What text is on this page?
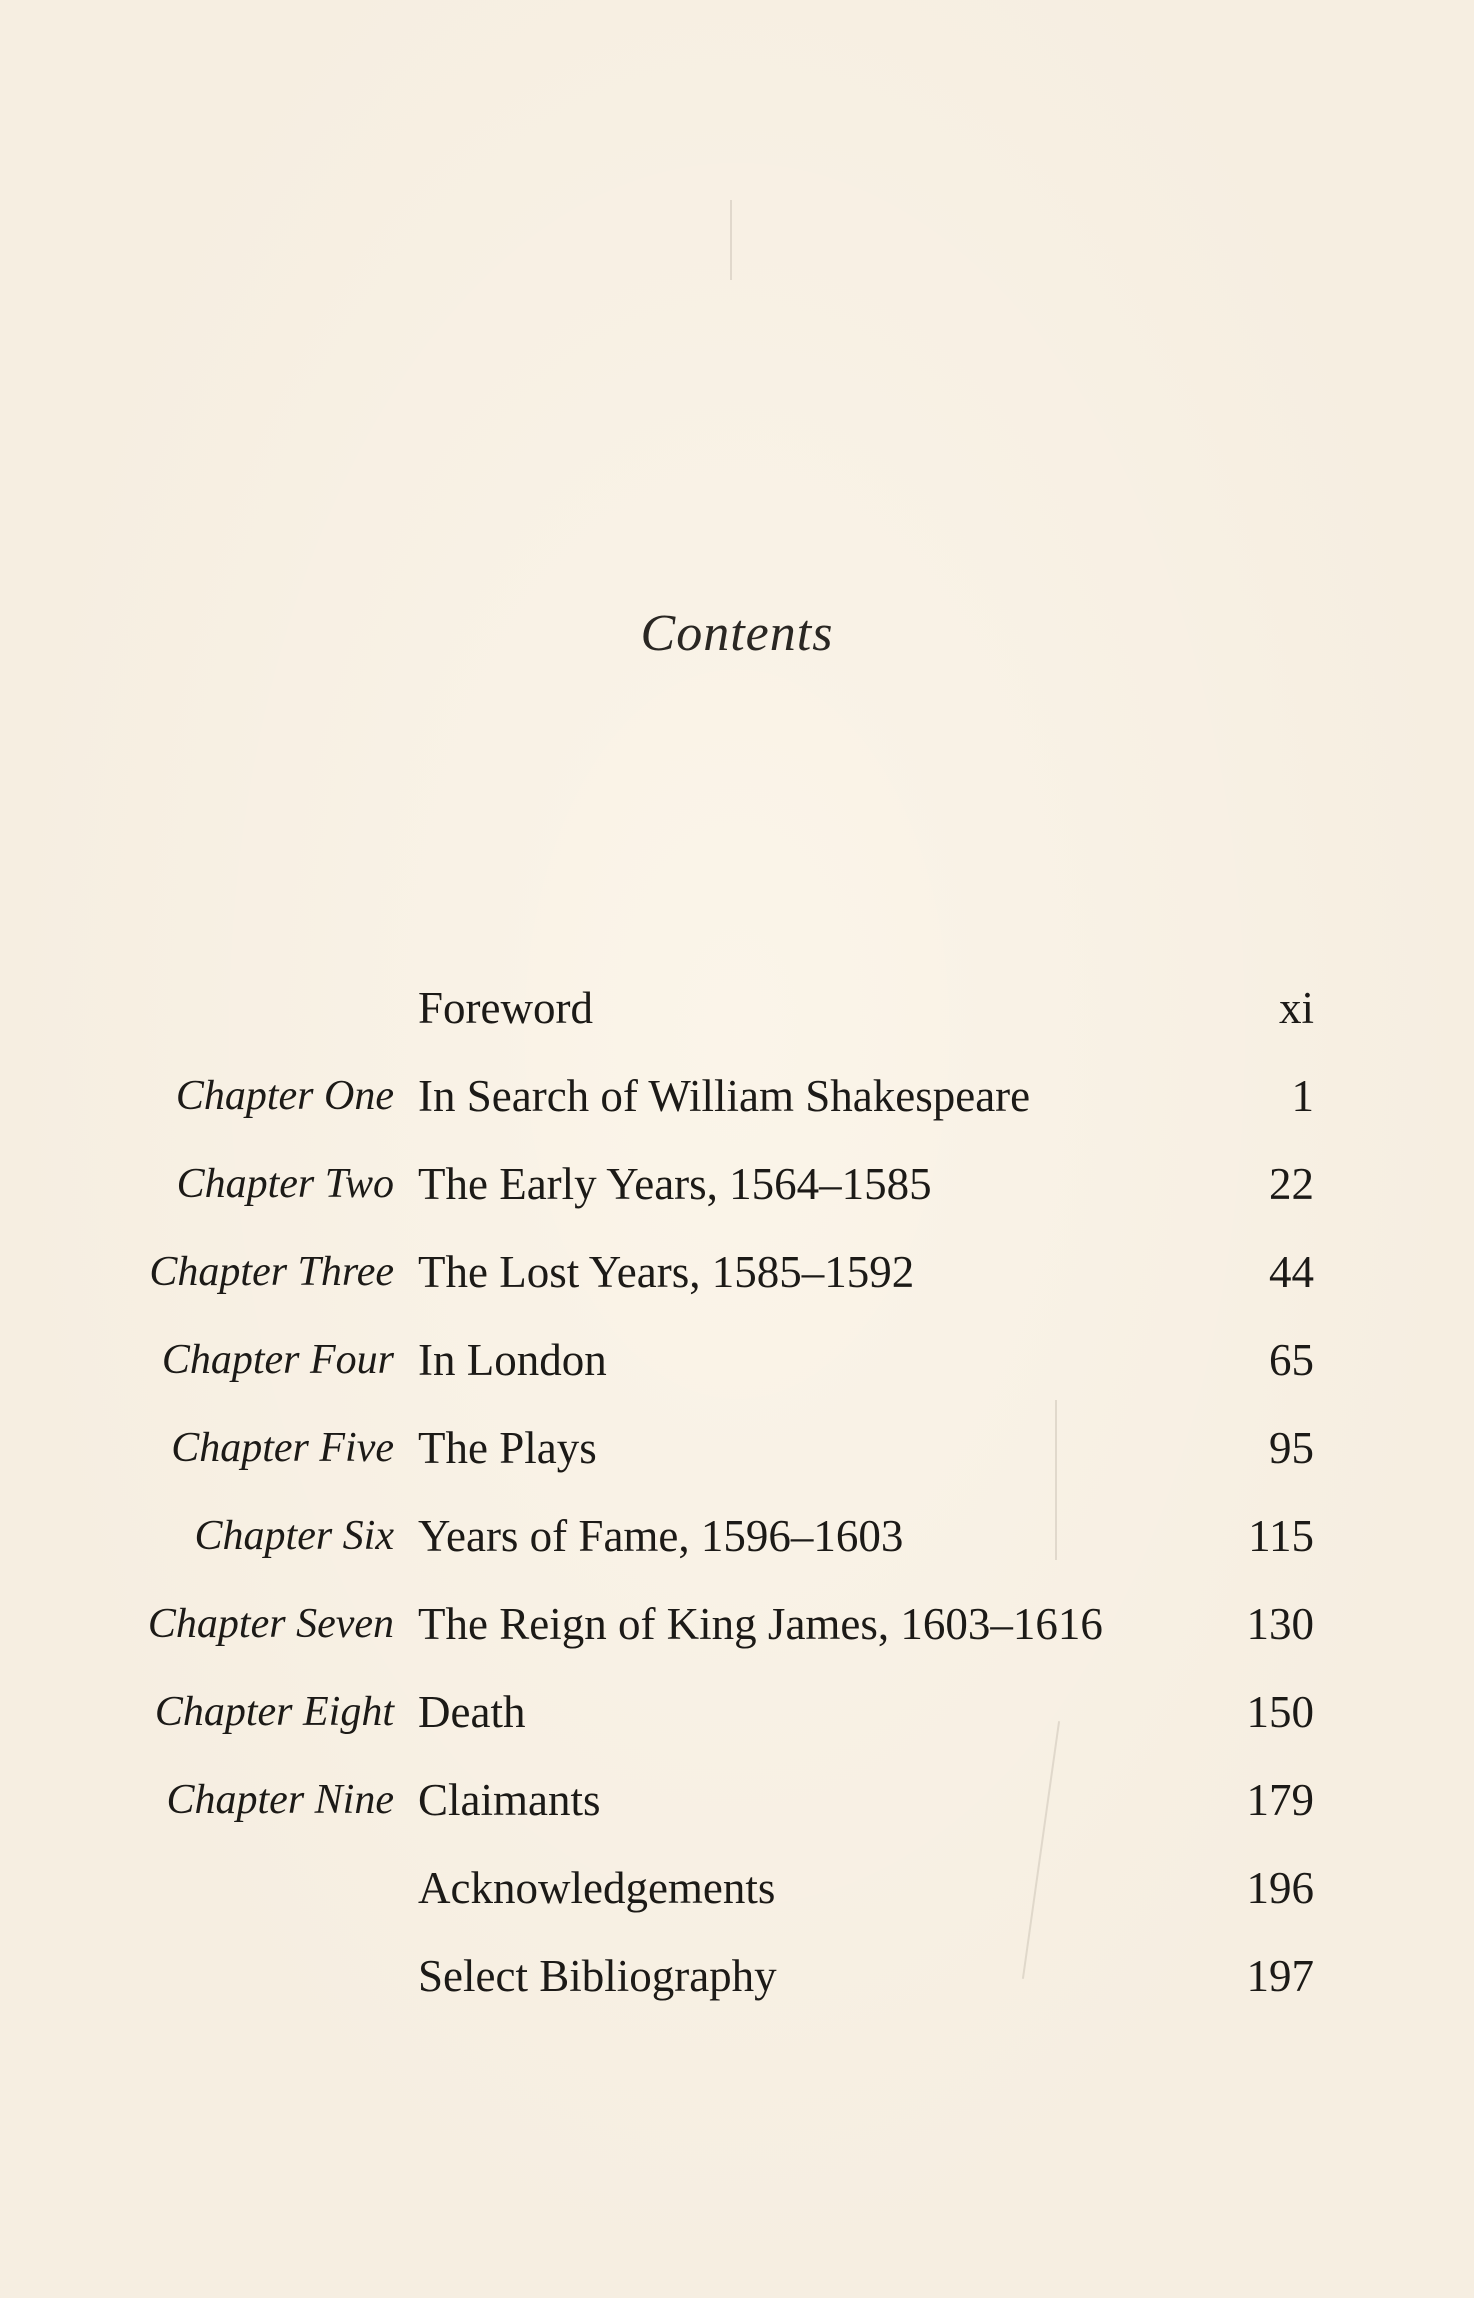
Contents
Foreword	xi
Chapter One In Search of William Shakespeare	1
Chapter Two The Early Years, 1564–1585	22
Chapter Three The Lost Years, 1585–1592	44
Chapter Four In London	65
Chapter Five The Plays	95
Chapter Six Years of Fame, 1596–1603	115
Chapter Seven The Reign of King James, 1603–1616	130
Chapter Eight Death	150
Chapter Nine Claimants	179
Acknowledgements	196
Select Bibliography	197
